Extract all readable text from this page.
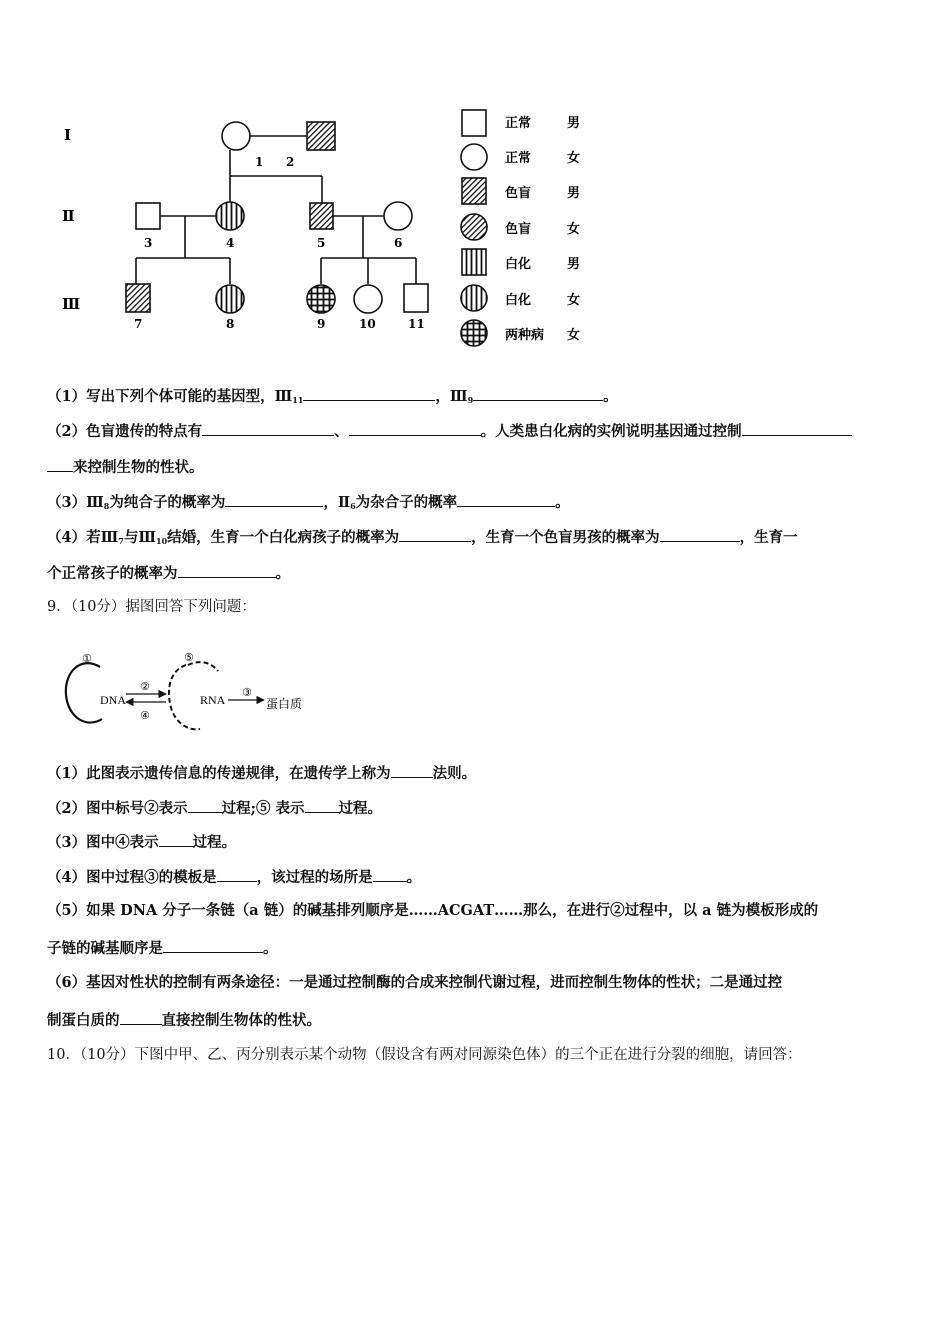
I
Ⅱ
Ⅲ
1 2
3	4	5	6
7	8	9	10	11
正常	男
正常	女
色盲	男
色盲	女
白化	男
白化	女
两种病 女
（1）写出下列个体可能的基因型，$Ⅲ_{11}$	，$Ⅲ_9$	。
（2）色盲遗传的特点有	、	。人类患白化病的实例说明基因通过控制
来控制生物的性状。
$(3)Ⅲ_8$为纯合子的概率为	，$Ⅱ_6$为杂合子的概率	。
（4）若$Ⅲ_7$与$Ⅲ_{10}$结婚，生育一个白化病孩子的概率为	，生育一个色盲男孩的概率为	，生育一
个正常孩子的概率为	。
9．（10分）据图回答下列问题：
①
DNA
②
④
⑤
RNA
③
蛋白质
（1）此图表示遗传信息的传递规律，在遗传学上称为	法则。
（2）图中标号②表示 过程;⑤ 表示 过程。
（3）图中④表示 过程。
（4）图中过程③的模板是	，该过程的场所是 。
（5）如果 DNA 分子一条链（a 链）的碱基排列顺序是……ACGAT……那么，在进行②过程中，以 a 链为模板形成的
子链的碱基顺序是	。
（6）基因对性状的控制有两条途径：一是通过控制酶的合成来控制代谢过程，进而控制生物体的性状；二是通过控
制蛋白质的	直接控制生物体的性状。
10．（10分）下图中甲、乙、丙分别表示某个动物（假设含有两对同源染色体）的三个正在进行分裂的细胞，请回答：
